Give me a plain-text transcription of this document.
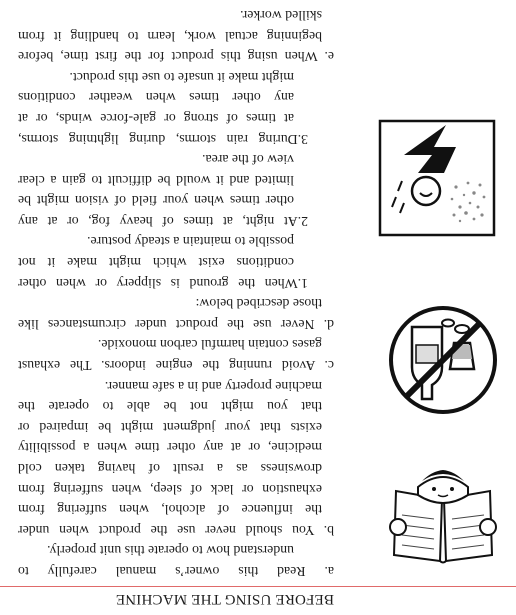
BEFORE USING THE MACHINE
a. Read this owner’s manual carefully to
understand how to operate this unit properly.
b. You should never use the product when under
the influence of alcohol, when suffering from
exhaustion or lack of sleep, when suffering from
drowsiness as a result of having taken cold
medicine, or at any other time when a possibility
exists that your judgment might be impaired or
that you might not be able to operate the
machine property and in a safe manner.
c. Avoid running the engine indoors. The exhaust
gases contain harmful carbon monoxide.
d. Never use the product under circumstances like
those described below:
1.When the ground is slippery or when other
conditions exist which might make it not
possible to maintain a steady posture.
2.At night, at times of heavy fog, or at any
other times when your field of vision might be
limited and it would be difficult to gain a clear
view of the area.
3.During rain storms, during lightning storms,
at times of strong or gale-force winds, or at
any other times when weather conditions
might make it unsafe to use this product.
e. When using this product for the first time, before
beginning actual work, learn to handling it from
skilled worker.
